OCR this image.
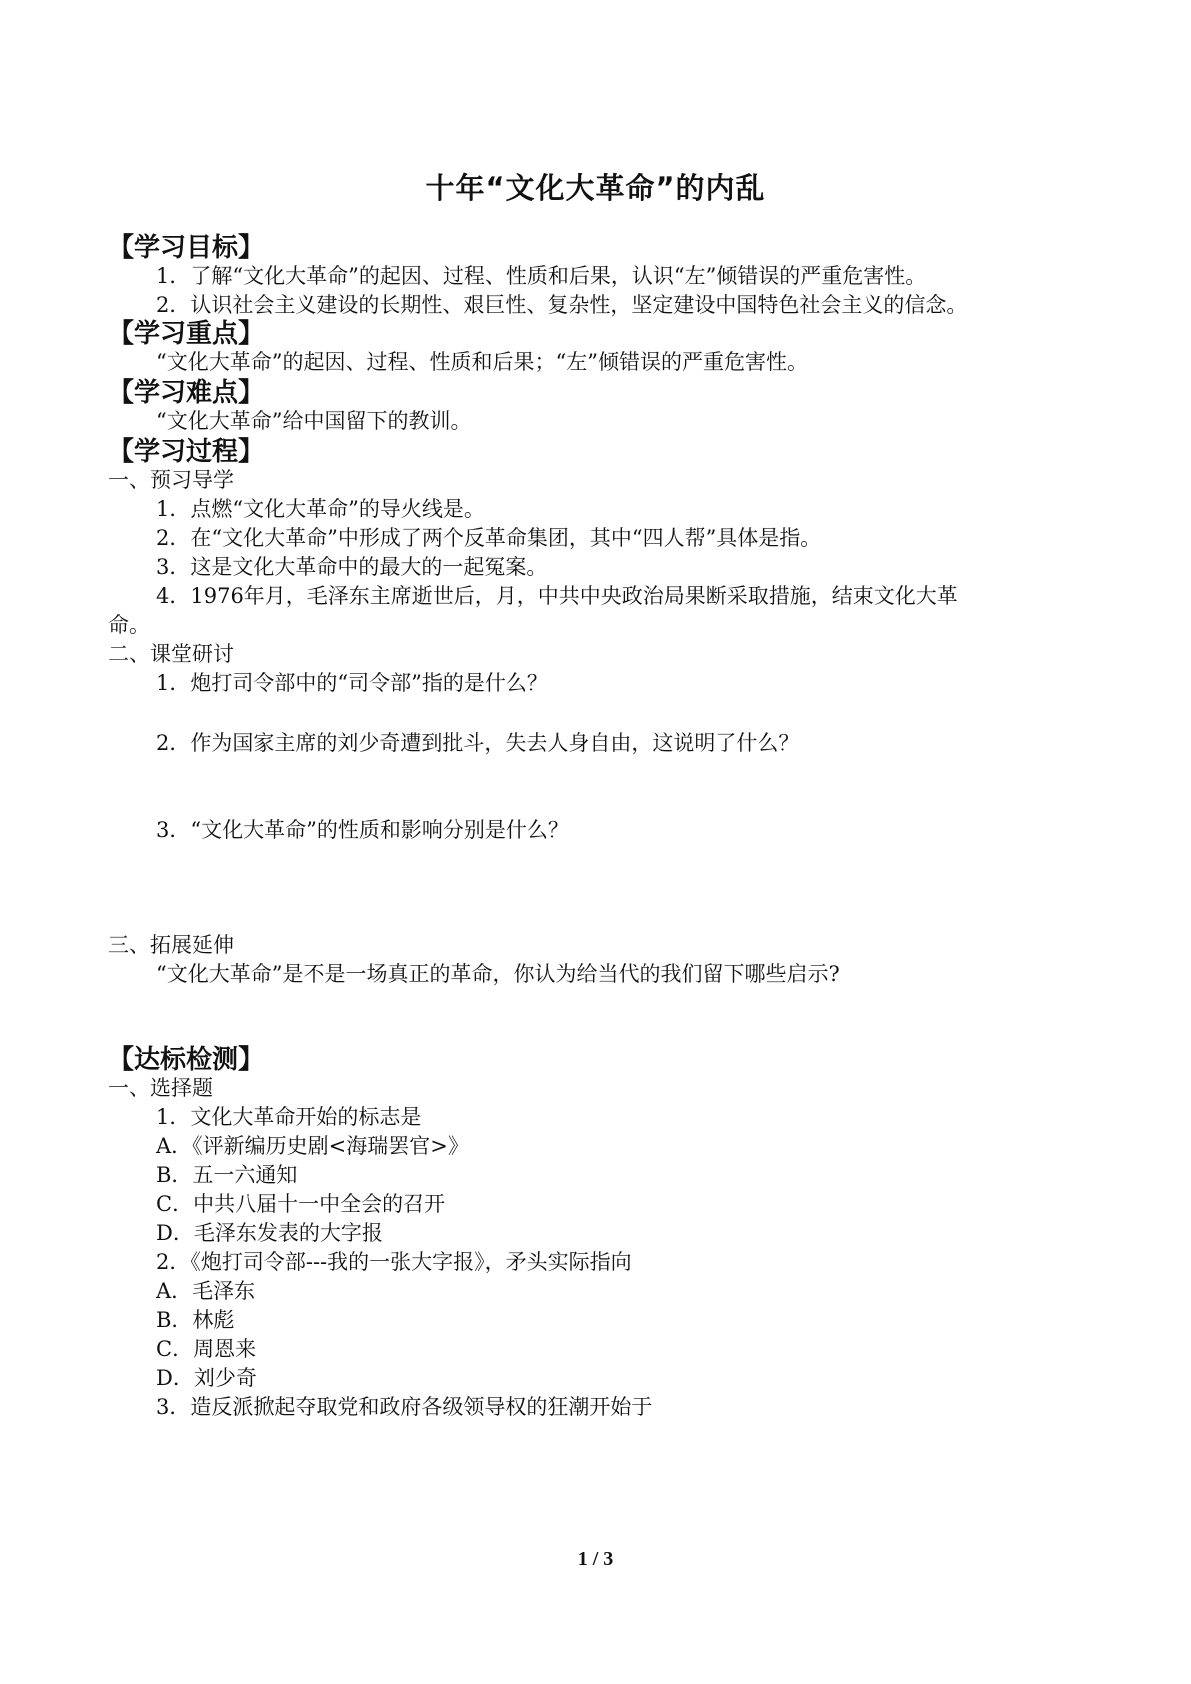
十年“文化大革命”的内乱
【学习目标】
1．了解“文化大革命”的起因、过程、性质和后果，认识“左”倾错误的严重危害性。
2．认识社会主义建设的长期性、艰巨性、复杂性，坚定建设中国特色社会主义的信念。
【学习重点】
“文化大革命”的起因、过程、性质和后果；“左”倾错误的严重危害性。
【学习难点】
“文化大革命”给中国留下的教训。
【学习过程】
一、预习导学
1．点燃“文化大革命”的导火线是。
2．在“文化大革命”中形成了两个反革命集团，其中“四人帮”具体是指。
3．这是文化大革命中的最大的一起冤案。
4．1976年月，毛泽东主席逝世后，月，中共中央政治局果断采取措施，结束文化大革
命。
二、课堂研讨
1．炮打司令部中的“司令部”指的是什么？
2．作为国家主席的刘少奇遭到批斗，失去人身自由，这说明了什么？
3．“文化大革命”的性质和影响分别是什么？
三、拓展延伸
“文化大革命”是不是一场真正的革命，你认为给当代的我们留下哪些启示?
【达标检测】
一、选择题
1．文化大革命开始的标志是
A．《评新编历史剧<海瑞罢官>》
B．五一六通知
C．中共八届十一中全会的召开
D．毛泽东发表的大字报
2．《炮打司令部---我的一张大字报》，矛头实际指向
A．毛泽东
B．林彪
C．周恩来
D．刘少奇
3．造反派掀起夺取党和政府各级领导权的狂潮开始于
1 / 3
